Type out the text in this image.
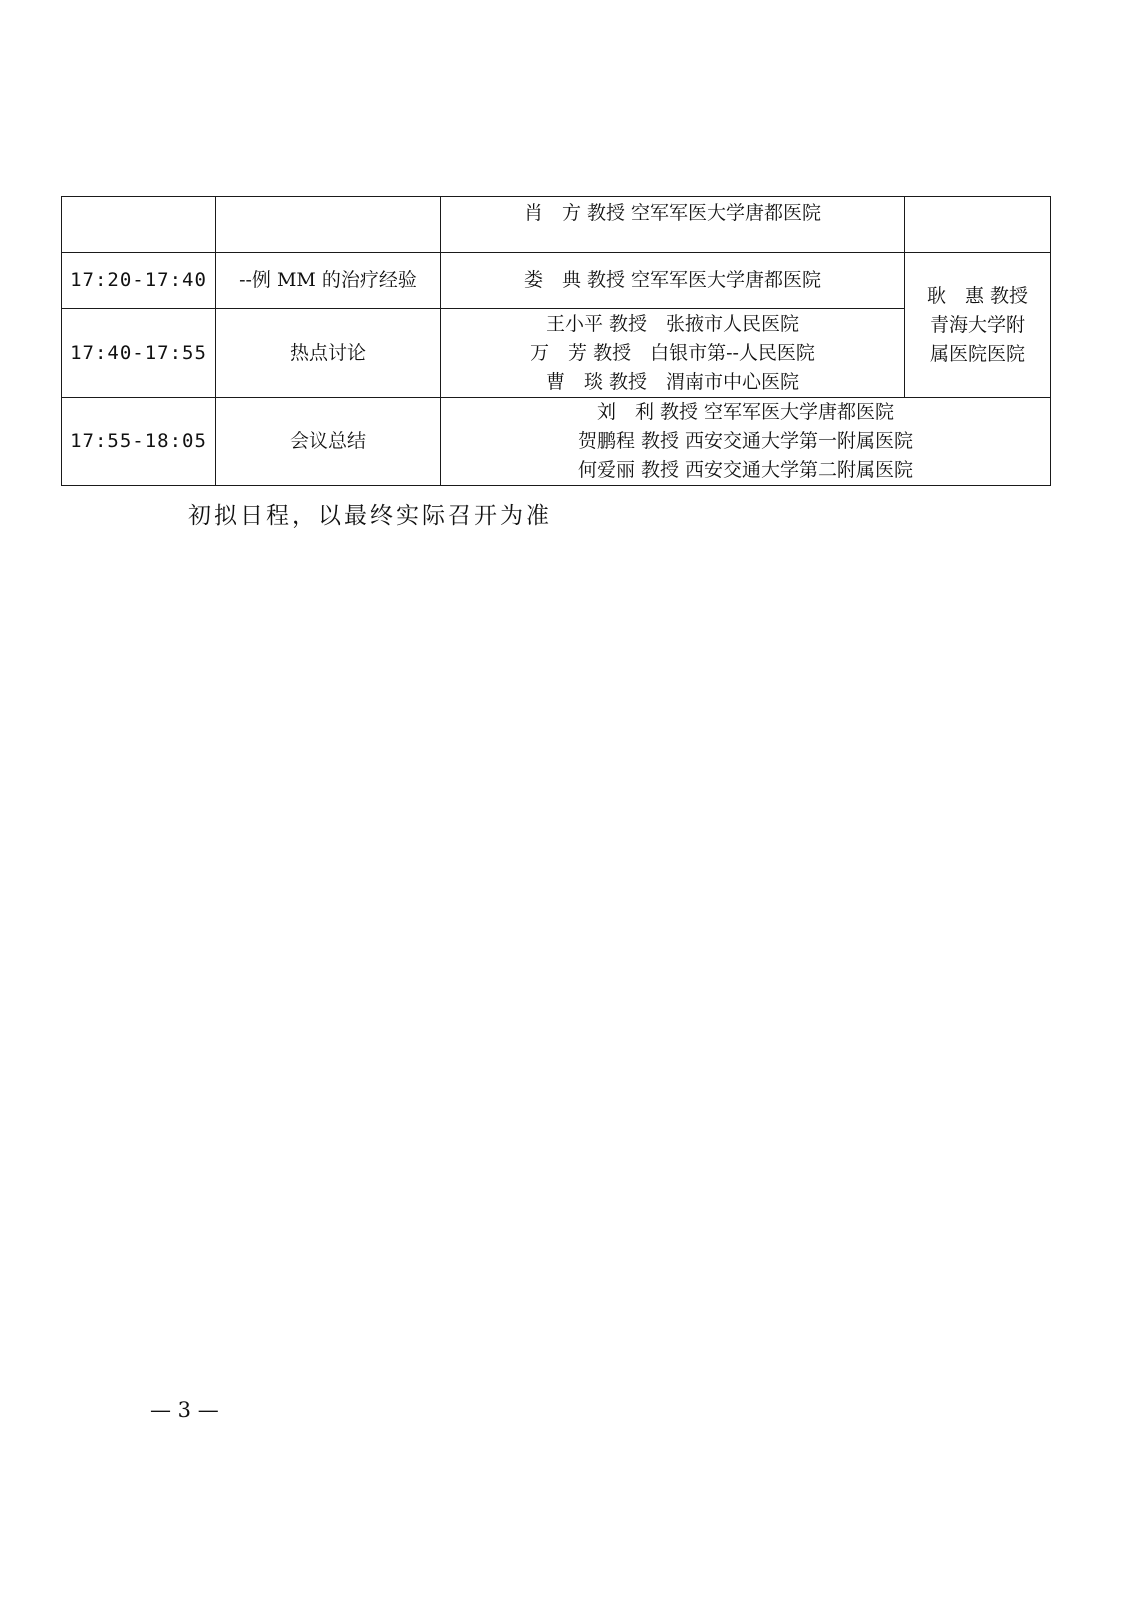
		肖　方 教授 空军军医大学唐都医院	

17:20-17:40	--例 MM 的治疗经验	娄　典 教授 空军军医大学唐都医院	耿　惠 教授
青海大学附
属医院医院

17:40-17:55	热点讨论	王小平 教授　张掖市人民医院
万　芳 教授　白银市第--人民医院
曹　琰 教授　渭南市中心医院	

17:55-18:05	会议总结	刘　利 教授 空军军医大学唐都医院
贺鹏程 教授 西安交通大学第一附属医院
何爱丽 教授 西安交通大学第二附属医院	

初拟日程，以最终实际召开为准

— 3 —
